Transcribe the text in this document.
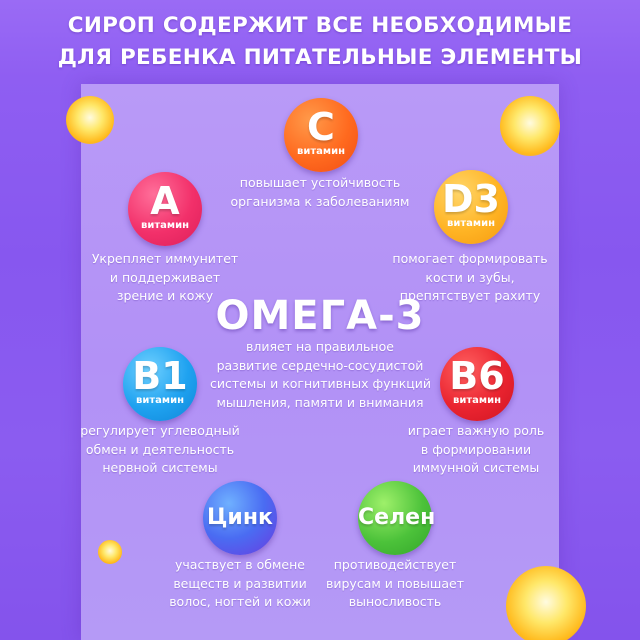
СИРОП СОДЕРЖИТ ВСЕ НЕОБХОДИМЫЕ
ДЛЯ РЕБЕНКА ПИТАТЕЛЬНЫЕ ЭЛЕМЕНТЫ
C
витамин
повышает устойчивость
организма к заболеваниям
A
витамин
Укрепляет иммунитет
и поддерживает
зрение и кожу
D3
витамин
помогает формировать
кости и зубы,
препятствует рахиту
ОМЕГА-3
влияет на правильное
развитие сердечно-сосудистой
системы и когнитивных функций
мышления, памяти и внимания
B1
витамин
регулирует углеводный
обмен и деятельность
нервной системы
B6
витамин
играет важную роль
в формировании
иммунной системы
Цинк
участвует в обмене
веществ и развитии
волос, ногтей и кожи
Селен
противодействует
вирусам и повышает
выносливость
